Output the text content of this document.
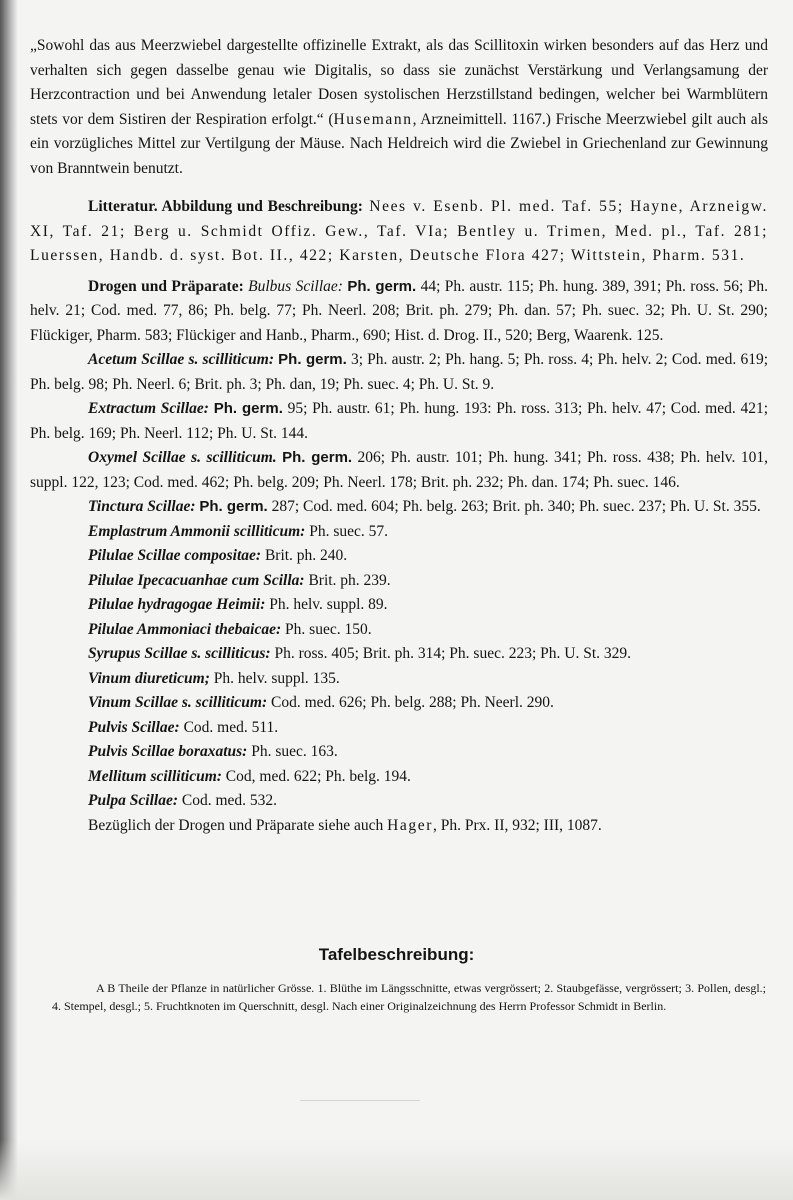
„Sowohl das aus Meerzwiebel dargestellte offizinelle Extrakt, als das Scillitoxin wirken besonders auf das Herz und verhalten sich gegen dasselbe genau wie Digitalis, so dass sie zunächst Verstärkung und Verlangsamung der Herzcontraction und bei Anwendung letaler Dosen systolischen Herzstillstand bedingen, welcher bei Warmblütern stets vor dem Sistiren der Respiration erfolgt.“ (Husemann, Arzneimittell. 1167.) Frische Meerzwiebel gilt auch als ein vorzügliches Mittel zur Vertilgung der Mäuse. Nach Heldreich wird die Zwiebel in Griechenland zur Gewinnung von Branntwein benutzt.

Litteratur. Abbildung und Beschreibung: Nees v. Esenb. Pl. med. Taf. 55; Hayne, Arzneigw. XI, Taf. 21; Berg u. Schmidt Offiz. Gew., Taf. VIa; Bentley u. Trimen, Med. pl., Taf. 281; Luerssen, Handb. d. syst. Bot. II., 422; Karsten, Deutsche Flora 427; Wittstein, Pharm. 531.

Drogen und Präparate: Bulbus Scillae: Ph. germ. 44; Ph. austr. 115; Ph. hung. 389, 391; Ph. ross. 56; Ph. helv. 21; Cod. med. 77, 86; Ph. belg. 77; Ph. Neerl. 208; Brit. ph. 279; Ph. dan. 57; Ph. suec. 32; Ph. U. St. 290; Flückiger, Pharm. 583; Flückiger and Hanb., Pharm., 690; Hist. d. Drog. II., 520; Berg, Waarenk. 125.

Acetum Scillae s. scilliticum: Ph. germ. 3; Ph. austr. 2; Ph. hang. 5; Ph. ross. 4; Ph. helv. 2; Cod. med. 619; Ph. belg. 98; Ph. Neerl. 6; Brit. ph. 3; Ph. dan, 19; Ph. suec. 4; Ph. U. St. 9.

Extractum Scillae: Ph. germ. 95; Ph. austr. 61; Ph. hung. 193: Ph. ross. 313; Ph. helv. 47; Cod. med. 421; Ph. belg. 169; Ph. Neerl. 112; Ph. U. St. 144.

Oxymel Scillae s. scilliticum. Ph. germ. 206; Ph. austr. 101; Ph. hung. 341; Ph. ross. 438; Ph. helv. 101, suppl. 122, 123; Cod. med. 462; Ph. belg. 209; Ph. Neerl. 178; Brit. ph. 232; Ph. dan. 174; Ph. suec. 146.

Tinctura Scillae: Ph. germ. 287; Cod. med. 604; Ph. belg. 263; Brit. ph. 340; Ph. suec. 237; Ph. U. St. 355.

Emplastrum Ammonii scilliticum: Ph. suec. 57.

Pilulae Scillae compositae: Brit. ph. 240.

Pilulae Ipecacuanhae cum Scilla: Brit. ph. 239.

Pilulae hydragogae Heimii: Ph. helv. suppl. 89.

Pilulae Ammoniaci thebaicae: Ph. suec. 150.

Syrupus Scillae s. scilliticus: Ph. ross. 405; Brit. ph. 314; Ph. suec. 223; Ph. U. St. 329.

Vinum diureticum; Ph. helv. suppl. 135.

Vinum Scillae s. scilliticum: Cod. med. 626; Ph. belg. 288; Ph. Neerl. 290.

Pulvis Scillae: Cod. med. 511.

Pulvis Scillae boraxatus: Ph. suec. 163.

Mellitum scilliticum: Cod, med. 622; Ph. belg. 194.

Pulpa Scillae: Cod. med. 532.

Bezüglich der Drogen und Präparate siehe auch Hager, Ph. Prx. II, 932; III, 1087.

Tafelbeschreibung:

A B Theile der Pflanze in natürlicher Grösse. 1. Blüthe im Längsschnitte, etwas vergrössert; 2. Staubgefässe, vergrössert; 3. Pollen, desgl.; 4. Stempel, desgl.; 5. Fruchtknoten im Querschnitt, desgl. Nach einer Originalzeichnung des Herrn Professor Schmidt in Berlin.
